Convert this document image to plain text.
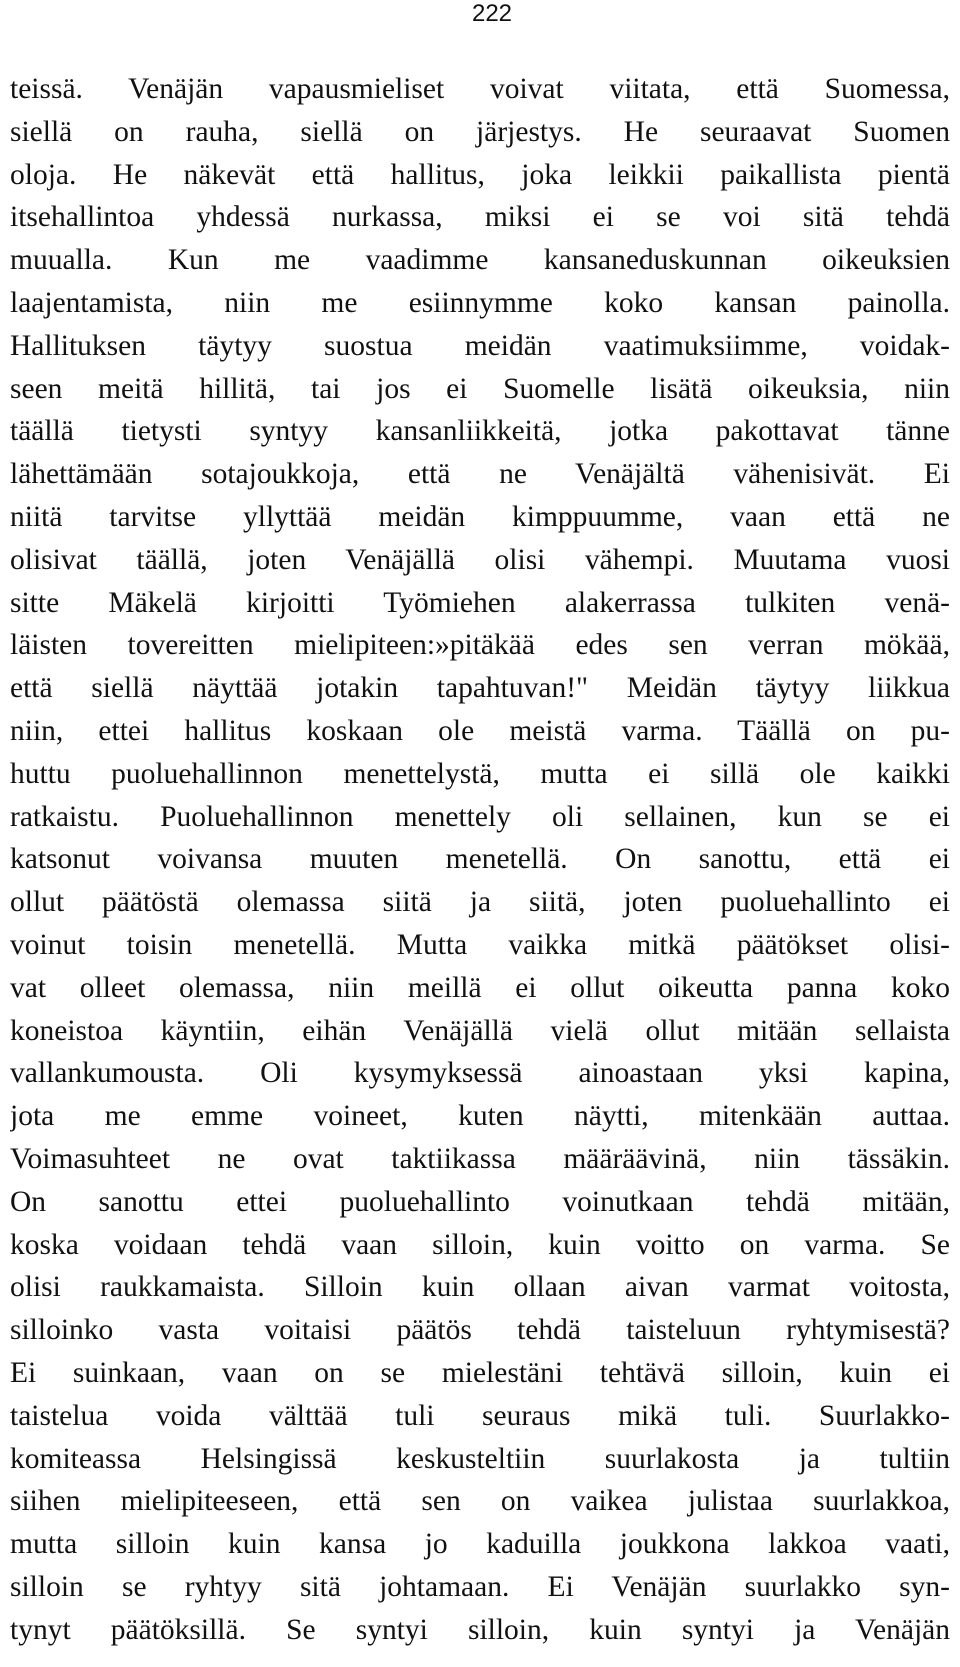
222

teissä. Venäjän vapausmieliset voivat viitata, että Suomessa,
siellä on rauha, siellä on järjestys. He seuraavat Suomen
oloja. He näkevät että hallitus, joka leikkii paikallista pientä
itsehallintoa yhdessä nurkassa, miksi ei se voi sitä tehdä
muualla. Kun me vaadimme kansaneduskunnan oikeuksien
laajentamista, niin me esiinnymme koko kansan painolla.
Hallituksen täytyy suostua meidän vaatimuksiimme, voidak-
seen meitä hillitä, tai jos ei Suomelle lisätä oikeuksia, niin
täällä tietysti syntyy kansanliikkeitä, jotka pakottavat tänne
lähettämään sotajoukkoja, että ne Venäjältä vähenisivät. Ei
niitä tarvitse yllyttää meidän kimppuumme, vaan että ne
olisivat täällä, joten Venäjällä olisi vähempi. Muutama vuosi
sitte Mäkelä kirjoitti Työmiehen alakerrassa tulkiten venä-
läisten tovereitten mielipiteen:»pitäkää edes sen verran mökää,
että siellä näyttää jotakin tapahtuvan!" Meidän täytyy liikkua
niin, ettei hallitus koskaan ole meistä varma. Täällä on pu-
huttu puoluehallinnon menettelystä, mutta ei sillä ole kaikki
ratkaistu. Puoluehallinnon menettely oli sellainen, kun se ei
katsonut voivansa muuten menetellä. On sanottu, että ei
ollut päätöstä olemassa siitä ja siitä, joten puoluehallinto ei
voinut toisin menetellä. Mutta vaikka mitkä päätökset olisi-
vat olleet olemassa, niin meillä ei ollut oikeutta panna koko
koneistoa käyntiin, eihän Venäjällä vielä ollut mitään sellaista
vallankumousta. Oli kysymyksessä ainoastaan yksi kapina,
jota me emme voineet, kuten näytti, mitenkään auttaa.
Voimasuhteet ne ovat taktiikassa määräävinä, niin tässäkin.
On sanottu ettei puoluehallinto voinutkaan tehdä mitään,
koska voidaan tehdä vaan silloin, kuin voitto on varma. Se
olisi raukkamaista. Silloin kuin ollaan aivan varmat voitosta,
silloinko vasta voitaisi päätös tehdä taisteluun ryhtymisestä?
Ei suinkaan, vaan on se mielestäni tehtävä silloin, kuin ei
taistelua voida välttää tuli seuraus mikä tuli. Suurlakko-
komiteassa Helsingissä keskusteltiin suurlakosta ja tultiin
siihen mielipiteeseen, että sen on vaikea julistaa suurlakkoa,
mutta silloin kuin kansa jo kaduilla joukkona lakkoa vaati,
silloin se ryhtyy sitä johtamaan. Ei Venäjän suurlakko syn-
tynyt päätöksillä. Se syntyi silloin, kuin syntyi ja Venäjän
